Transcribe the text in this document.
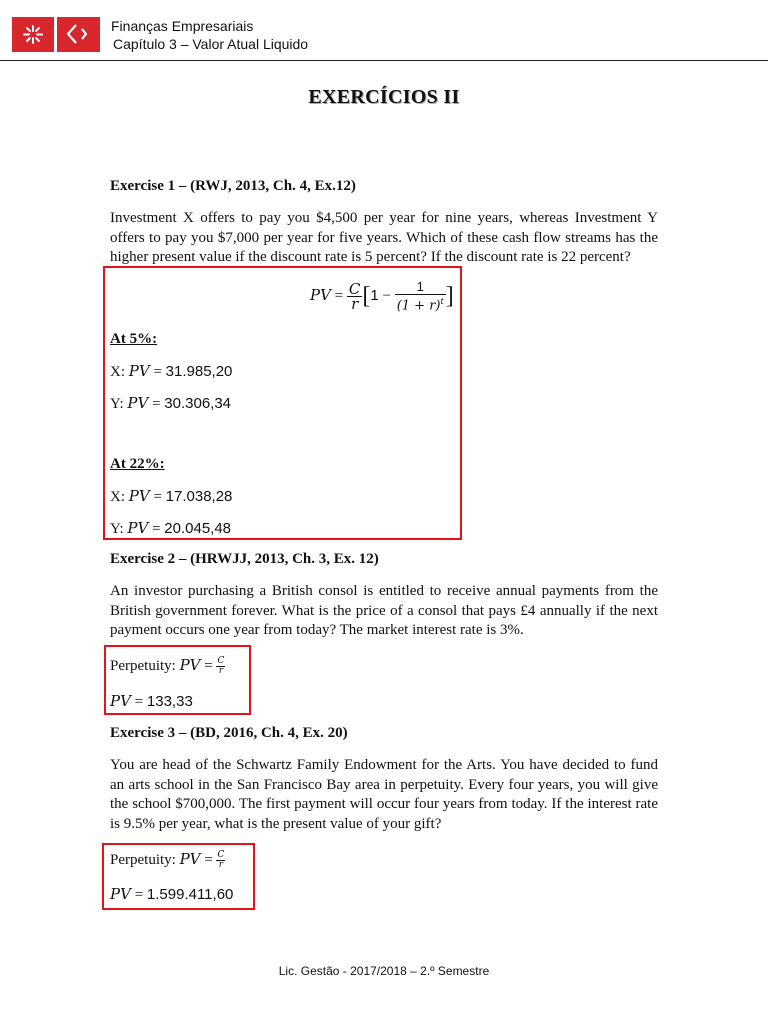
Finanças Empresariais
Capítulo 3 – Valor Atual Liquido
EXERCÍCIOS II
Exercise 1 – (RWJ, 2013, Ch. 4, Ex.12)
Investment X offers to pay you $4,500 per year for nine years, whereas Investment Y offers to pay you $7,000 per year for five years. Which of these cash flow streams has the higher present value if the discount rate is 5 percent? If the discount rate is 22 percent?
PV = $\frac{C}{r} [1 - \frac{1}{(1 + r)^t}$ ]
At 5%:
X: PV = 31.985,20
Y: PV = 30.306,34
At 22%:
X: PV = 17.038,28
Y: PV = 20.045,48
Exercise 2 – (HRWJJ, 2013, Ch. 3, Ex. 12)
An investor purchasing a British consol is entitled to receive annual payments from the British government forever. What is the price of a consol that pays £4 annually if the next payment occurs one year from today? The market interest rate is 3%.
Perpetuity: PV = $\frac{C}{r}$
PV = 133,33
Exercise 3 – (BD, 2016, Ch. 4, Ex. 20)
You are head of the Schwartz Family Endowment for the Arts. You have decided to fund an arts school in the San Francisco Bay area in perpetuity. Every four years, you will give the school $700,000. The first payment will occur four years from today. If the interest rate is 9.5% per year, what is the present value of your gift?
Perpetuity: PV = $\frac{C}{r}$
PV = 1.599.411,60
Lic. Gestão - 2017/2018 – 2.º Semestre
